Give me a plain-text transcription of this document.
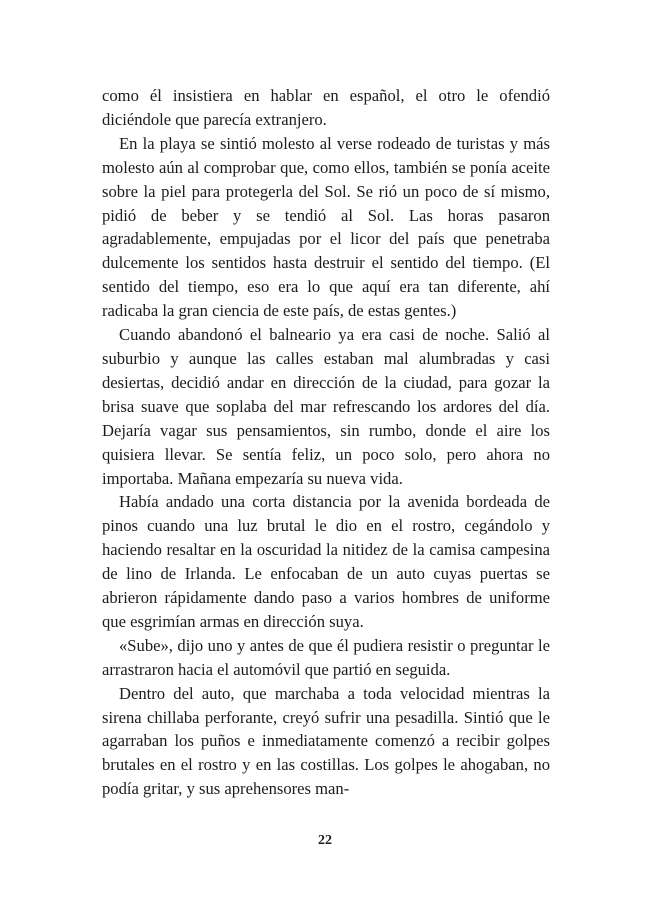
como él insistiera en hablar en español, el otro le ofendió diciéndole que parecía extranjero.

En la playa se sintió molesto al verse rodeado de turistas y más molesto aún al comprobar que, como ellos, también se ponía aceite sobre la piel para protegerla del Sol. Se rió un poco de sí mismo, pidió de beber y se tendió al Sol. Las horas pasaron agradablemente, empujadas por el licor del país que penetraba dulcemente los sentidos hasta destruir el sentido del tiempo. (El sentido del tiempo, eso era lo que aquí era tan diferente, ahí radicaba la gran ciencia de este país, de estas gentes.)

Cuando abandonó el balneario ya era casi de noche. Salió al suburbio y aunque las calles estaban mal alumbradas y casi desiertas, decidió andar en dirección de la ciudad, para gozar la brisa suave que soplaba del mar refrescando los ardores del día. Dejaría vagar sus pensamientos, sin rumbo, donde el aire los quisiera llevar. Se sentía feliz, un poco solo, pero ahora no importaba. Mañana empezaría su nueva vida.

Había andado una corta distancia por la avenida bordeada de pinos cuando una luz brutal le dio en el rostro, cegándolo y haciendo resaltar en la oscuridad la nitidez de la camisa campesina de lino de Irlanda. Le enfocaban de un auto cuyas puertas se abrieron rápidamente dando paso a varios hombres de uniforme que esgrimían armas en dirección suya.

«Sube», dijo uno y antes de que él pudiera resistir o preguntar le arrastraron hacia el automóvil que partió en seguida.

Dentro del auto, que marchaba a toda velocidad mientras la sirena chillaba perforante, creyó sufrir una pesadilla. Sintió que le agarraban los puños e inmediatamente comenzó a recibir golpes brutales en el rostro y en las costillas. Los golpes le ahogaban, no podía gritar, y sus aprehensores man-

22
